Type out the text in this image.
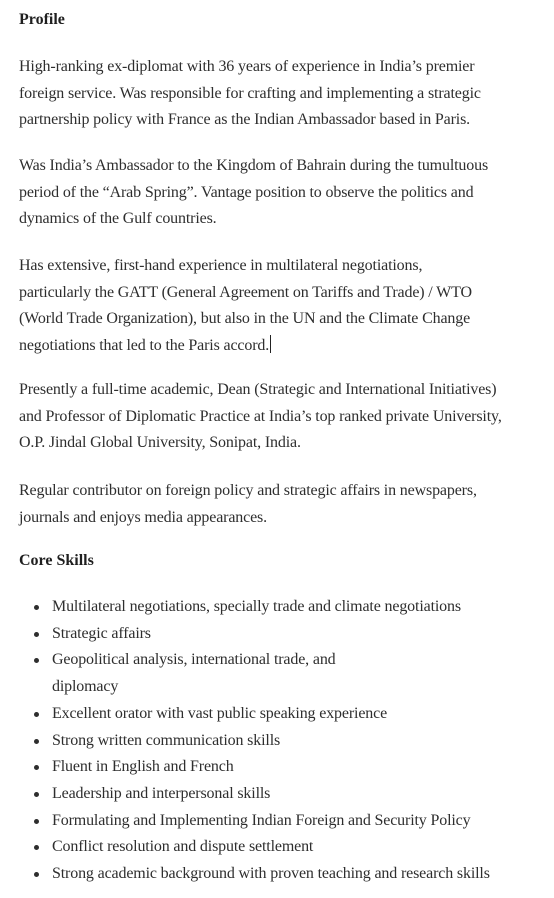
Profile

High-ranking ex-diplomat with 36 years of experience in India’s premier
foreign service. Was responsible for crafting and implementing a strategic
partnership policy with France as the Indian Ambassador based in Paris.

Was India’s Ambassador to the Kingdom of Bahrain during the tumultuous
period of the “Arab Spring”. Vantage position to observe the politics and
dynamics of the Gulf countries.

Has extensive, first-hand experience in multilateral negotiations,
particularly the GATT (General Agreement on Tariffs and Trade) / WTO
(World Trade Organization), but also in the UN and the Climate Change
negotiations that led to the Paris accord.

Presently a full-time academic, Dean (Strategic and International Initiatives)
and Professor of Diplomatic Practice at India’s top ranked private University,
O.P. Jindal Global University, Sonipat, India.

Regular contributor on foreign policy and strategic affairs in newspapers,
journals and enjoys media appearances.

Core Skills
Multilateral negotiations, specially trade and climate negotiations
Strategic affairs
Geopolitical analysis, international trade, and
diplomacy
Excellent orator with vast public speaking experience
Strong written communication skills
Fluent in English and French
Leadership and interpersonal skills
Formulating and Implementing Indian Foreign and Security Policy
Conflict resolution and dispute settlement
Strong academic background with proven teaching and research skills
